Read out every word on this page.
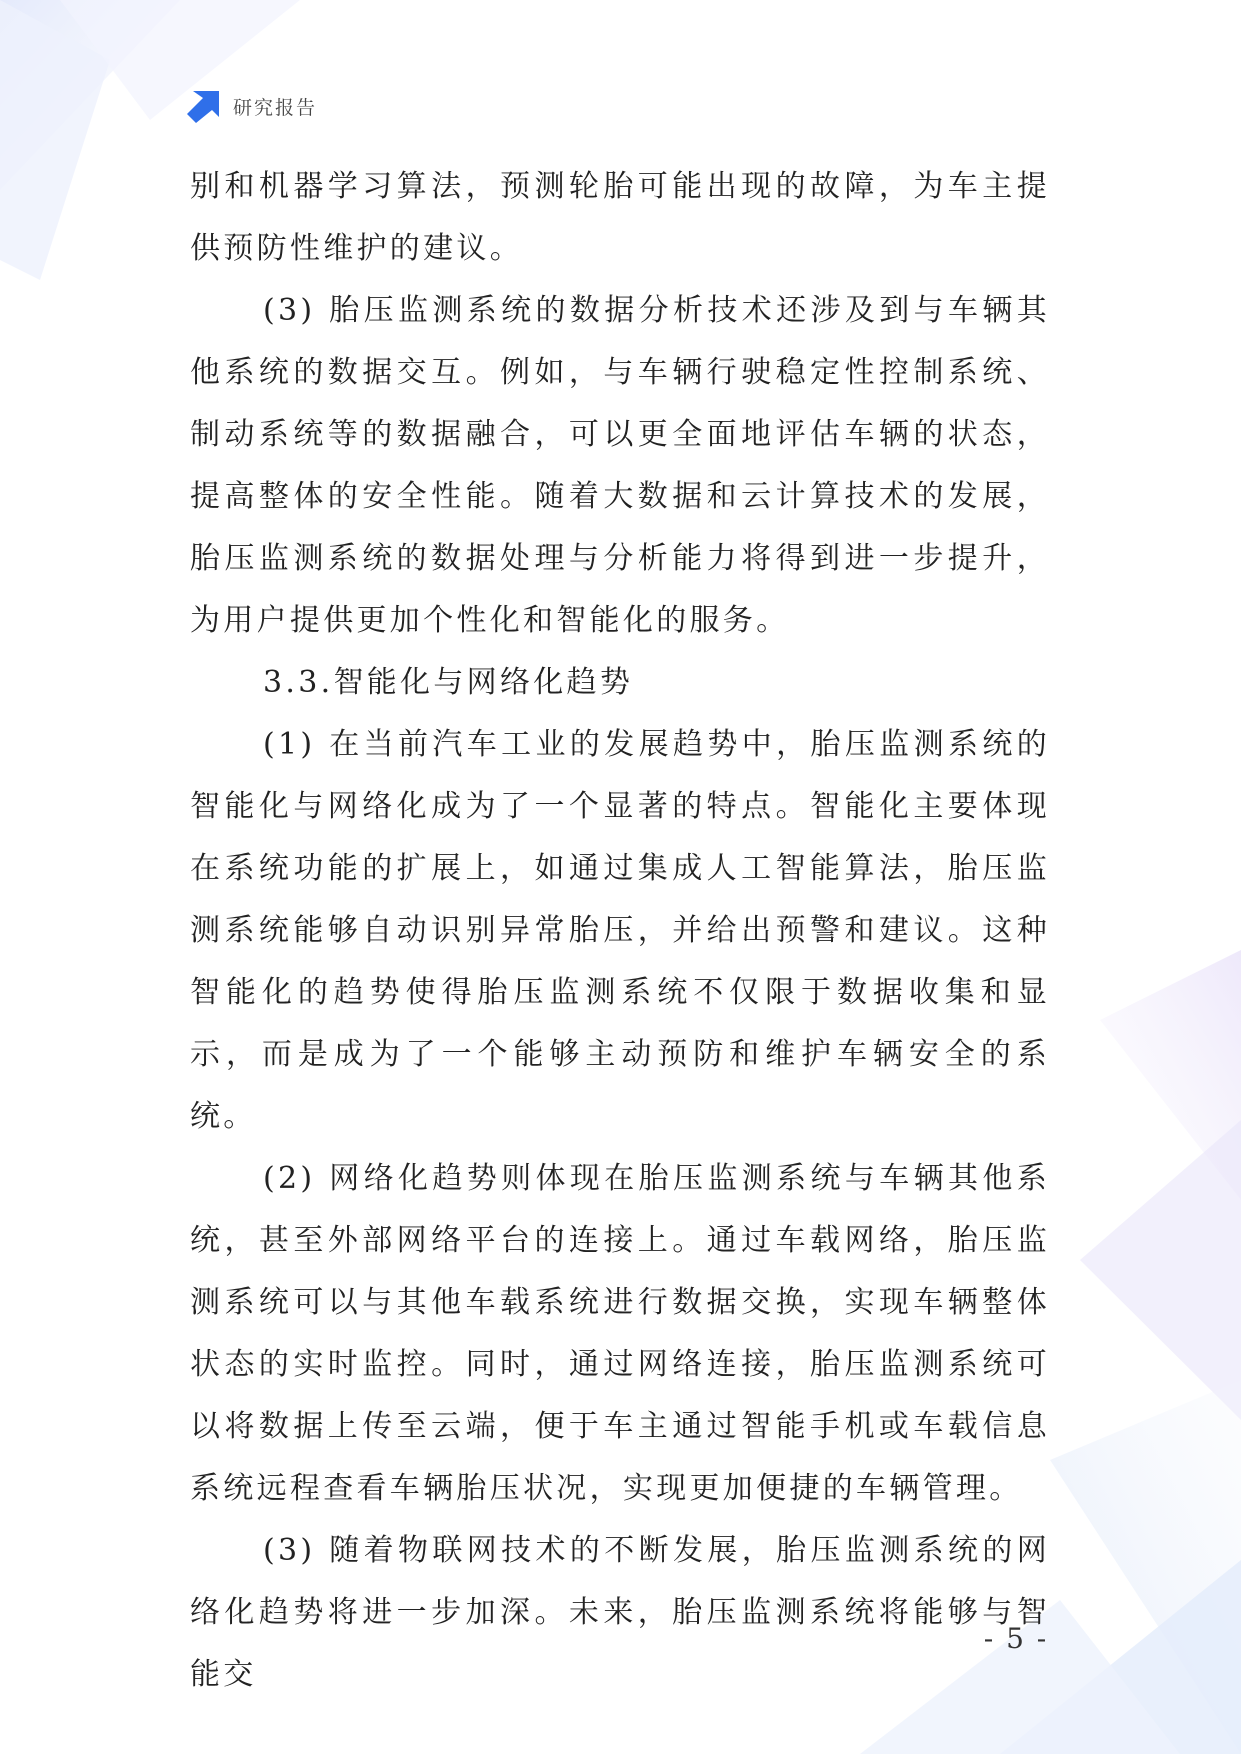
研究报告

别和机器学习算法，预测轮胎可能出现的故障，为车主提供预防性维护的建议。

(3) 胎压监测系统的数据分析技术还涉及到与车辆其他系统的数据交互。例如，与车辆行驶稳定性控制系统、制动系统等的数据融合，可以更全面地评估车辆的状态，提高整体的安全性能。随着大数据和云计算技术的发展，胎压监测系统的数据处理与分析能力将得到进一步提升，为用户提供更加个性化和智能化的服务。

3.3.智能化与网络化趋势

(1) 在当前汽车工业的发展趋势中，胎压监测系统的智能化与网络化成为了一个显著的特点。智能化主要体现在系统功能的扩展上，如通过集成人工智能算法，胎压监测系统能够自动识别异常胎压，并给出预警和建议。这种智能化的趋势使得胎压监测系统不仅限于数据收集和显示，而是成为了一个能够主动预防和维护车辆安全的系统。

(2) 网络化趋势则体现在胎压监测系统与车辆其他系统，甚至外部网络平台的连接上。通过车载网络，胎压监测系统可以与其他车载系统进行数据交换，实现车辆整体状态的实时监控。同时，通过网络连接，胎压监测系统可以将数据上传至云端，便于车主通过智能手机或车载信息系统远程查看车辆胎压状况，实现更加便捷的车辆管理。

(3) 随着物联网技术的不断发展，胎压监测系统的网络化趋势将进一步加深。未来，胎压监测系统将能够与智能交

- 5 -
